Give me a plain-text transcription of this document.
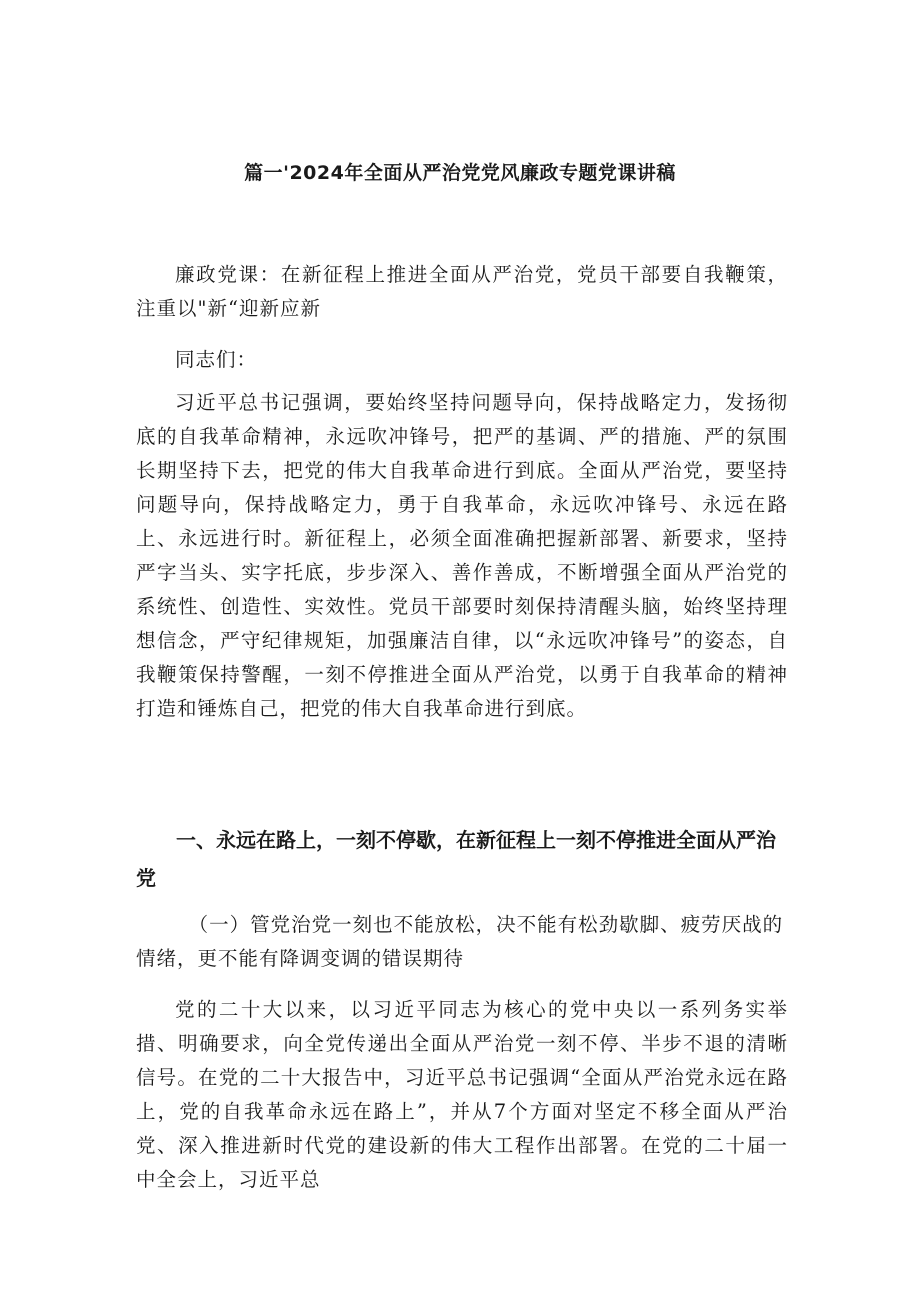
篇一'2024年全面从严治党党风廉政专题党课讲稿

廉政党课：在新征程上推进全面从严治党，党员干部要自我鞭策，注重以"新“迎新应新

同志们：

习近平总书记强调，要始终坚持问题导向，保持战略定力，发扬彻底的自我革命精神，永远吹冲锋号，把严的基调、严的措施、严的氛围长期坚持下去，把党的伟大自我革命进行到底。全面从严治党，要坚持问题导向，保持战略定力，勇于自我革命，永远吹冲锋号、永远在路上、永远进行时。新征程上，必须全面准确把握新部署、新要求，坚持严字当头、实字托底，步步深入、善作善成，不断增强全面从严治党的系统性、创造性、实效性。党员干部要时刻保持清醒头脑，始终坚持理想信念，严守纪律规矩，加强廉洁自律，以“永远吹冲锋号”的姿态，自我鞭策保持警醒，一刻不停推进全面从严治党，以勇于自我革命的精神打造和锤炼自己，把党的伟大自我革命进行到底。

一、永远在路上，一刻不停歇，在新征程上一刻不停推进全面从严治党

（一）管党治党一刻也不能放松，决不能有松劲歇脚、疲劳厌战的情绪，更不能有降调变调的错误期待

党的二十大以来，以习近平同志为核心的党中央以一系列务实举措、明确要求，向全党传递出全面从严治党一刻不停、半步不退的清晰信号。在党的二十大报告中，习近平总书记强调“全面从严治党永远在路上，党的自我革命永远在路上”，并从7个方面对坚定不移全面从严治党、深入推进新时代党的建设新的伟大工程作出部署。在党的二十届一中全会上，习近平总
